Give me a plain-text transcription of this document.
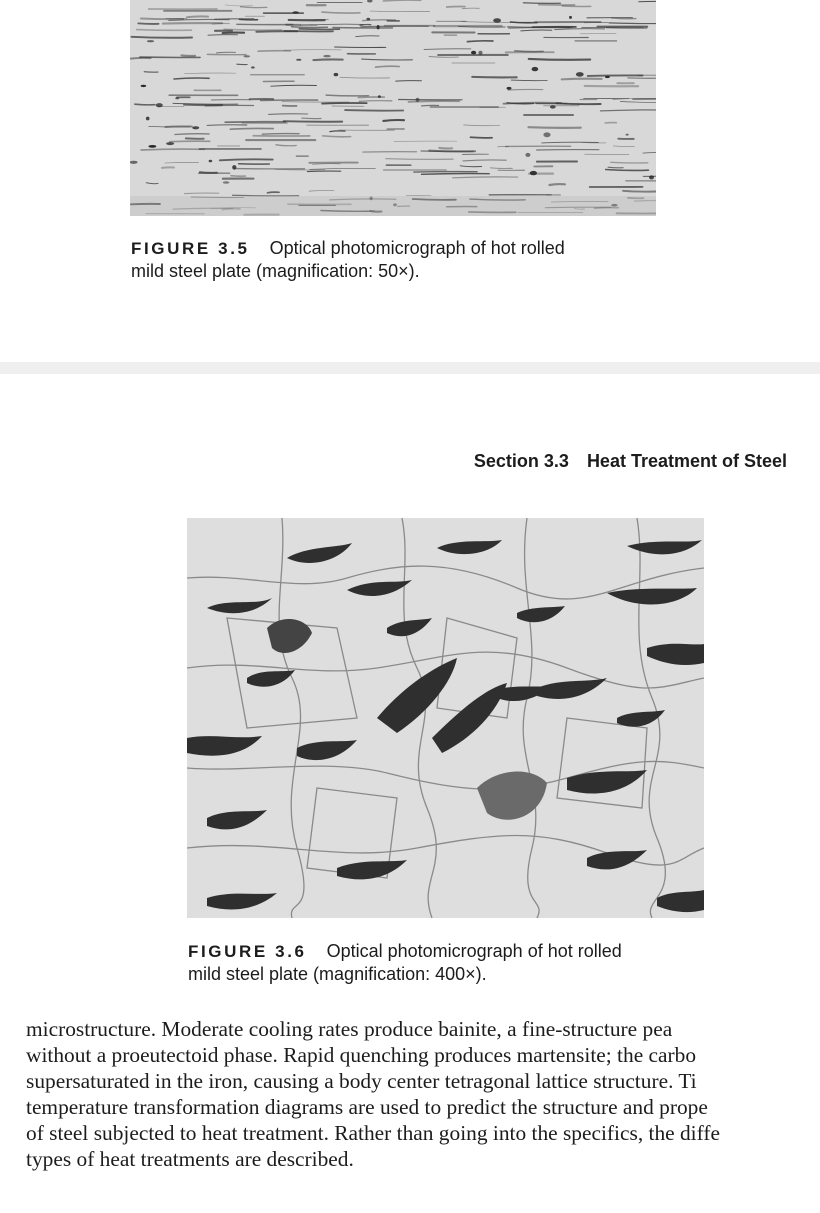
FIGURE 3.5 Optical photomicrograph of hot rolled
mild steel plate (magnification: 50×).
Section 3.3 Heat Treatment of Steel
FIGURE 3.6 Optical photomicrograph of hot rolled
mild steel plate (magnification: 400×).
microstructure. Moderate cooling rates produce bainite, a fine-structure pea
without a proeutectoid phase. Rapid quenching produces martensite; the carbo
supersaturated in the iron, causing a body center tetragonal lattice structure. Ti
temperature transformation diagrams are used to predict the structure and prope
of steel subjected to heat treatment. Rather than going into the specifics, the diffe
types of heat treatments are described.
